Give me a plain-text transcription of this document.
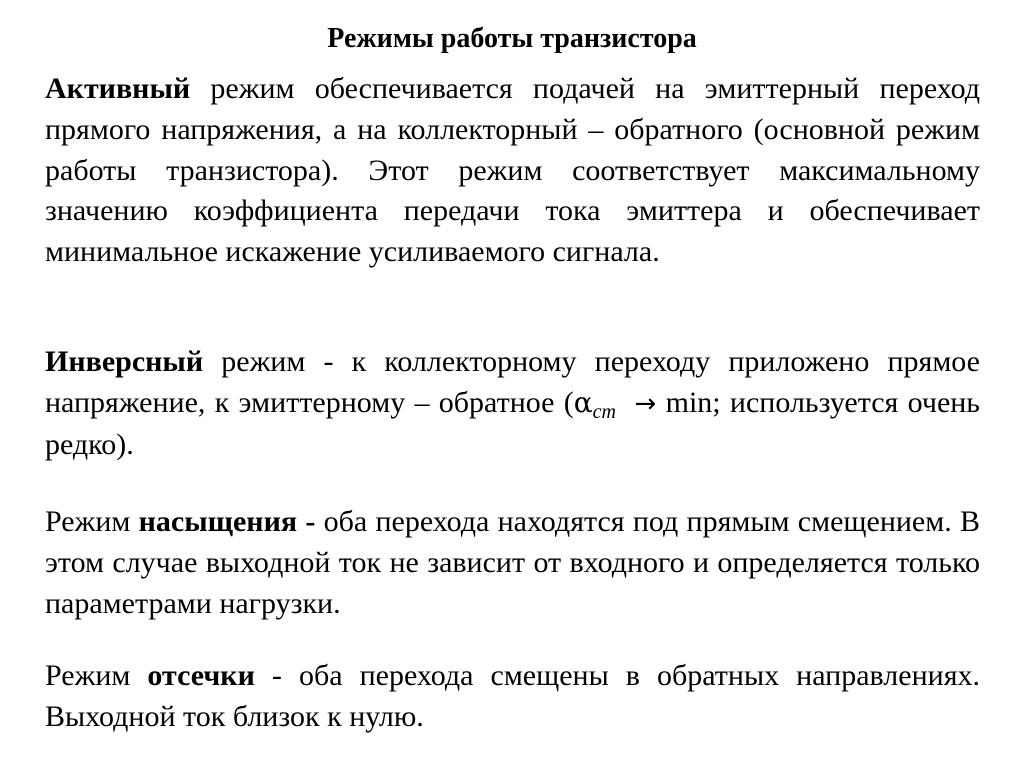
Режимы работы транзистора

Активный режим обеспечивается подачей на эмиттерный переход прямого напряжения, а на коллекторный – обратного (основной режим работы транзистора). Этот режим соответствует максимальному значению коэффициента передачи тока эмиттера и обеспечивает минимальное искажение усиливаемого сигнала.

Инверсный режим - к коллекторному переходу приложено прямое напряжение, к эмиттерному – обратное ($\alpha_{ст} \to \min$; используется очень редко).

Режим насыщения - оба перехода находятся под прямым смещением. В этом случае выходной ток не зависит от входного и определяется только параметрами нагрузки.

Режим отсечки - оба перехода смещены в обратных направлениях. Выходной ток близок к нулю.
